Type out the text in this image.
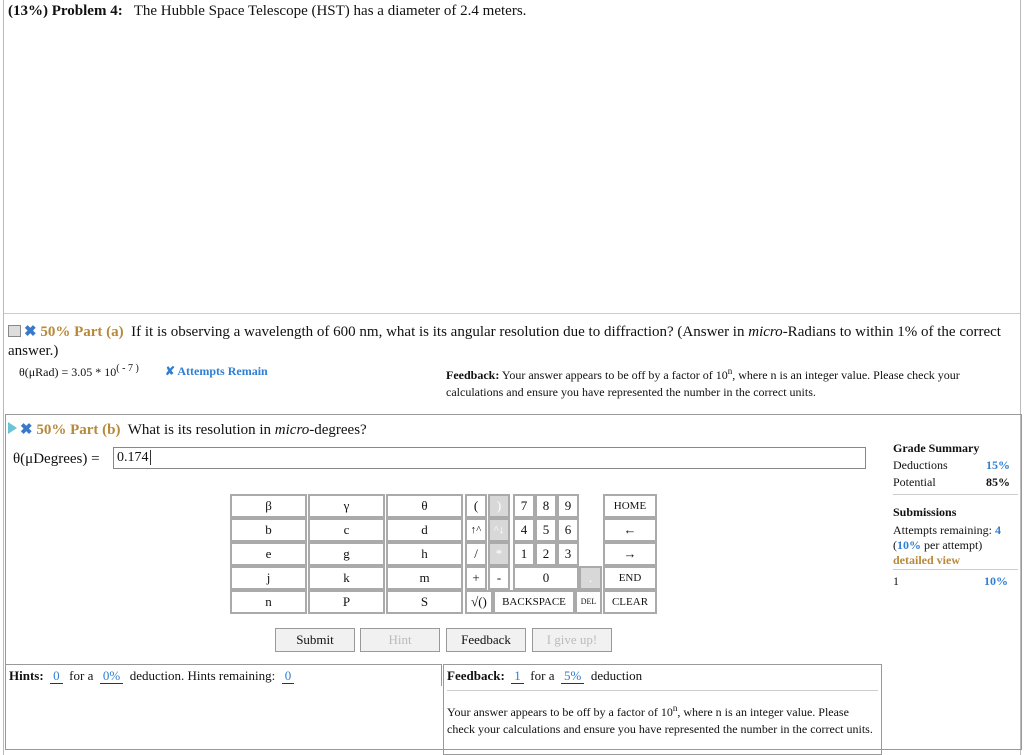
(13%) Problem 4: The Hubble Space Telescope (HST) has a diameter of 2.4 meters.
✖ 50% Part (a) If it is observing a wavelength of 600 nm, what is its angular resolution due to diffraction? (Answer in micro-Radians to within 1% of the correct answer.)
$\theta(\mu Rad) = 3.05 * 10^{( - 7 )}$ ✘ Attempts Remain	Feedback: Your answer appears to be off by a factor of 10$^n$, where n is an integer value. Please check your calculations and ensure you have represented the number in the correct units.
✖ 50% Part (b) What is its resolution in micro-degrees?
θ(μDegrees) = 0.174
Grade Summary
Deductions	15%
Potential	85%
Submissions
Attempts remaining: 4
(10% per attempt)
detailed view
1	10%
β	γ	θ
b	c	d
e	g	h
j	k	m
n	P	S
(	)
↑^	^↓
/	*
+	-
√()
7	8	9
4	5	6
1	2	3
0	.
BACKSPACE	DEL
HOME
←
→
END
CLEAR
Submit	Hint	Feedback	I give up!
Hints: 0 for a 0% deduction. Hints remaining: 0	Feedback: 1 for a 5% deduction
Your answer appears to be off by a factor of 10$^n$, where n is an integer value. Please check your calculations and ensure you have represented the number in the correct units.
